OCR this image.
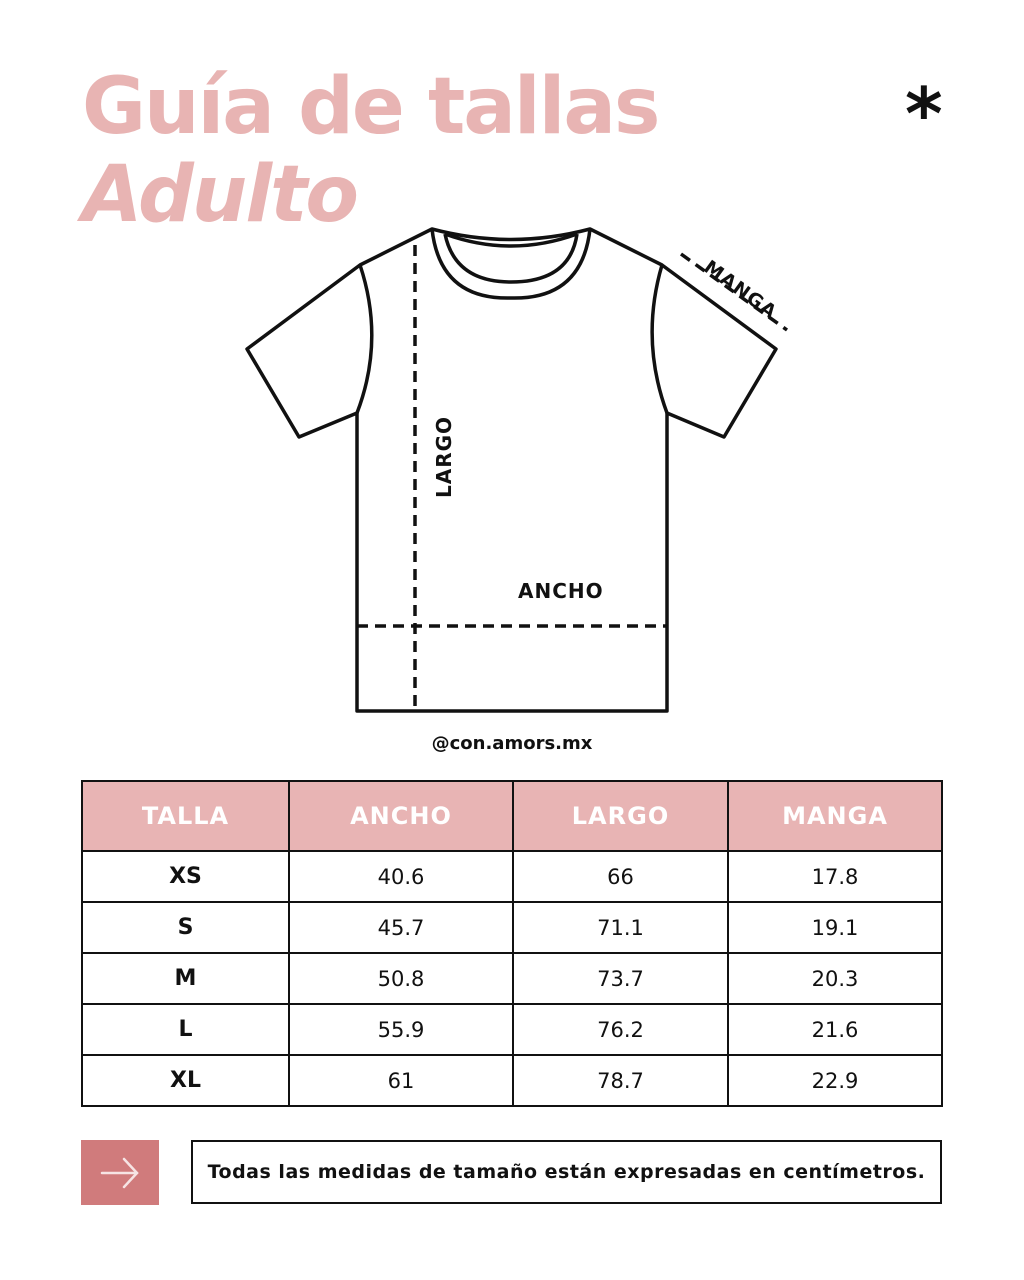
Guía de tallas
Adulto
*
LARGO
ANCHO
MANGA
@con.amors.mx
TALLA	ANCHO	LARGO	MANGA
XS	40.6	66	17.8
S	45.7	71.1	19.1
M	50.8	73.7	20.3
L	55.9	76.2	21.6
XL	61	78.7	22.9
Todas las medidas de tamaño están expresadas en centímetros.
